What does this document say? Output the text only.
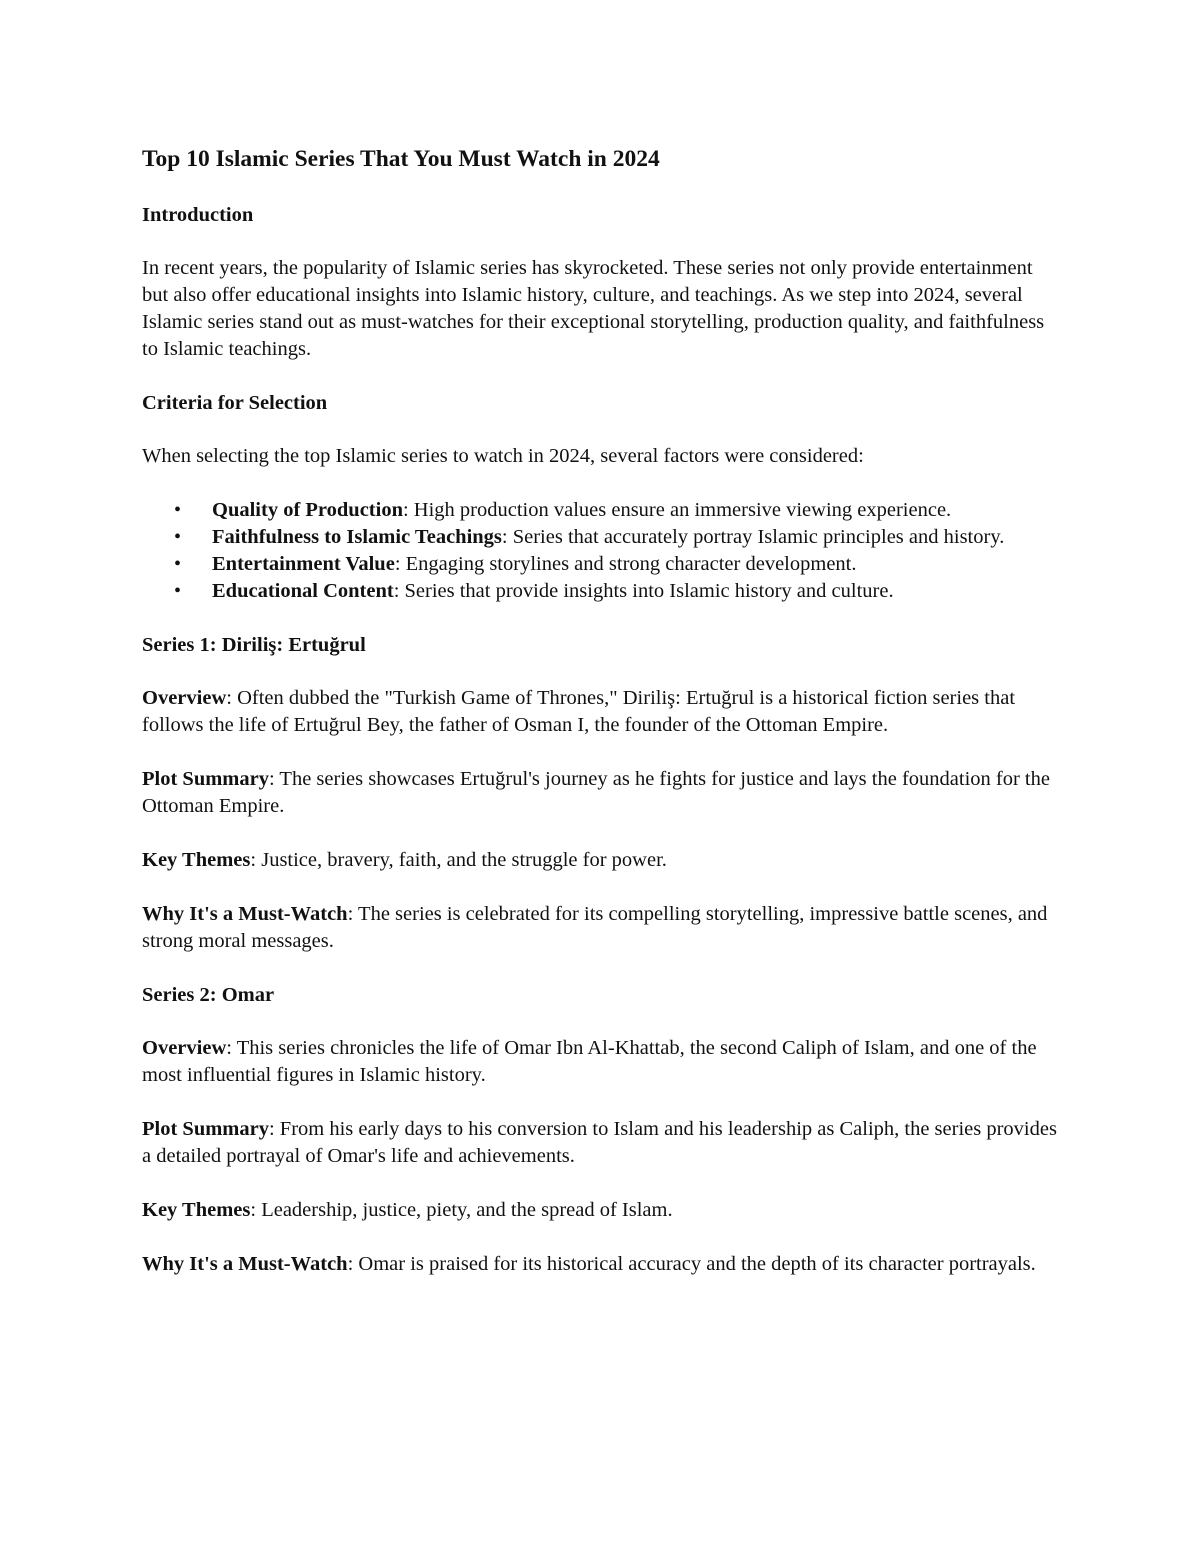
Top 10 Islamic Series That You Must Watch in 2024
Introduction

In recent years, the popularity of Islamic series has skyrocketed. These series not only provide entertainment but also offer educational insights into Islamic history, culture, and teachings. As we step into 2024, several Islamic series stand out as must-watches for their exceptional storytelling, production quality, and faithfulness to Islamic teachings.

Criteria for Selection

When selecting the top Islamic series to watch in 2024, several factors were considered:

• Quality of Production: High production values ensure an immersive viewing experience.
• Faithfulness to Islamic Teachings: Series that accurately portray Islamic principles and history.
• Entertainment Value: Engaging storylines and strong character development.
• Educational Content: Series that provide insights into Islamic history and culture.
Series 1: Diriliş: Ertuğrul

Overview: Often dubbed the "Turkish Game of Thrones," Diriliş: Ertuğrul is a historical fiction series that follows the life of Ertuğrul Bey, the father of Osman I, the founder of the Ottoman Empire.

Plot Summary: The series showcases Ertuğrul's journey as he fights for justice and lays the foundation for the Ottoman Empire.

Key Themes: Justice, bravery, faith, and the struggle for power.

Why It's a Must-Watch: The series is celebrated for its compelling storytelling, impressive battle scenes, and strong moral messages.

Series 2: Omar

Overview: This series chronicles the life of Omar Ibn Al-Khattab, the second Caliph of Islam, and one of the most influential figures in Islamic history.

Plot Summary: From his early days to his conversion to Islam and his leadership as Caliph, the series provides a detailed portrayal of Omar's life and achievements.

Key Themes: Leadership, justice, piety, and the spread of Islam.

Why It's a Must-Watch: Omar is praised for its historical accuracy and the depth of its character portrayals.
